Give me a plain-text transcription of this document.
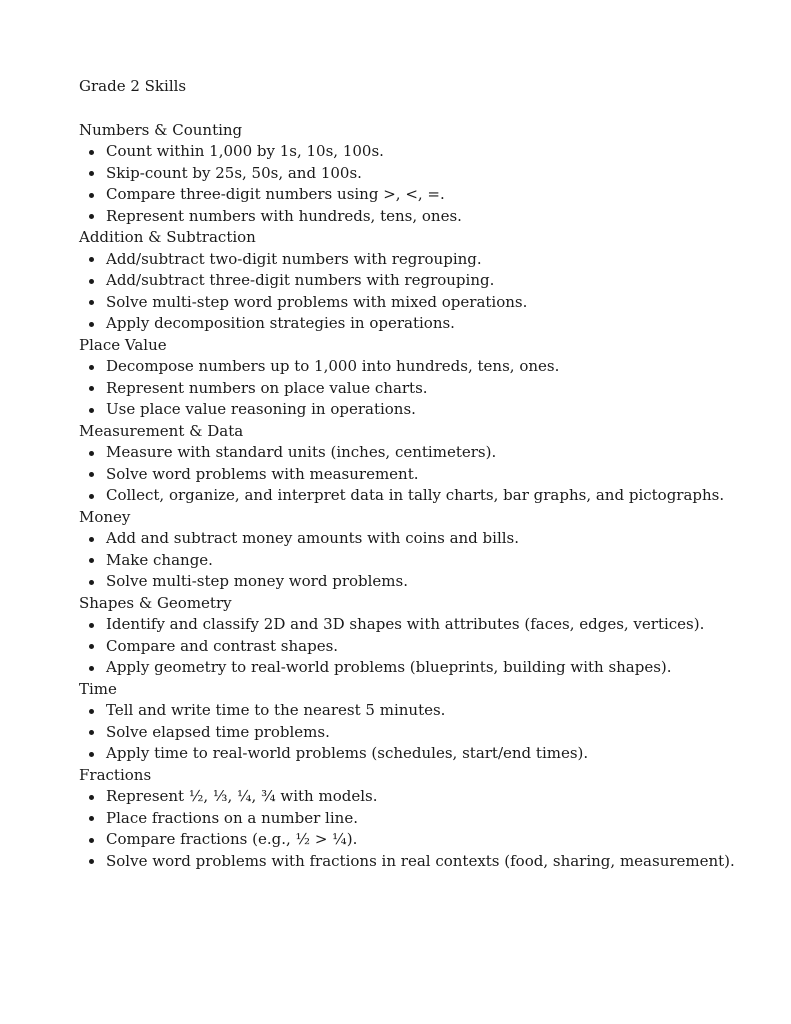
Grade 2 Skills
Numbers & Counting
Count within 1,000 by 1s, 10s, 100s.
Skip-count by 25s, 50s, and 100s.
Compare three-digit numbers using >, <, =.
Represent numbers with hundreds, tens, ones.
Addition & Subtraction
Add/subtract two-digit numbers with regrouping.
Add/subtract three-digit numbers with regrouping.
Solve multi-step word problems with mixed operations.
Apply decomposition strategies in operations.
Place Value
Decompose numbers up to 1,000 into hundreds, tens, ones.
Represent numbers on place value charts.
Use place value reasoning in operations.
Measurement & Data
Measure with standard units (inches, centimeters).
Solve word problems with measurement.
Collect, organize, and interpret data in tally charts, bar graphs, and pictographs.
Money
Add and subtract money amounts with coins and bills.
Make change.
Solve multi-step money word problems.
Shapes & Geometry
Identify and classify 2D and 3D shapes with attributes (faces, edges, vertices).
Compare and contrast shapes.
Apply geometry to real-world problems (blueprints, building with shapes).
Time
Tell and write time to the nearest 5 minutes.
Solve elapsed time problems.
Apply time to real-world problems (schedules, start/end times).
Fractions
Represent ½, ⅓, ¼, ¾ with models.
Place fractions on a number line.
Compare fractions (e.g., ½ > ¼).
Solve word problems with fractions in real contexts (food, sharing, measurement).
